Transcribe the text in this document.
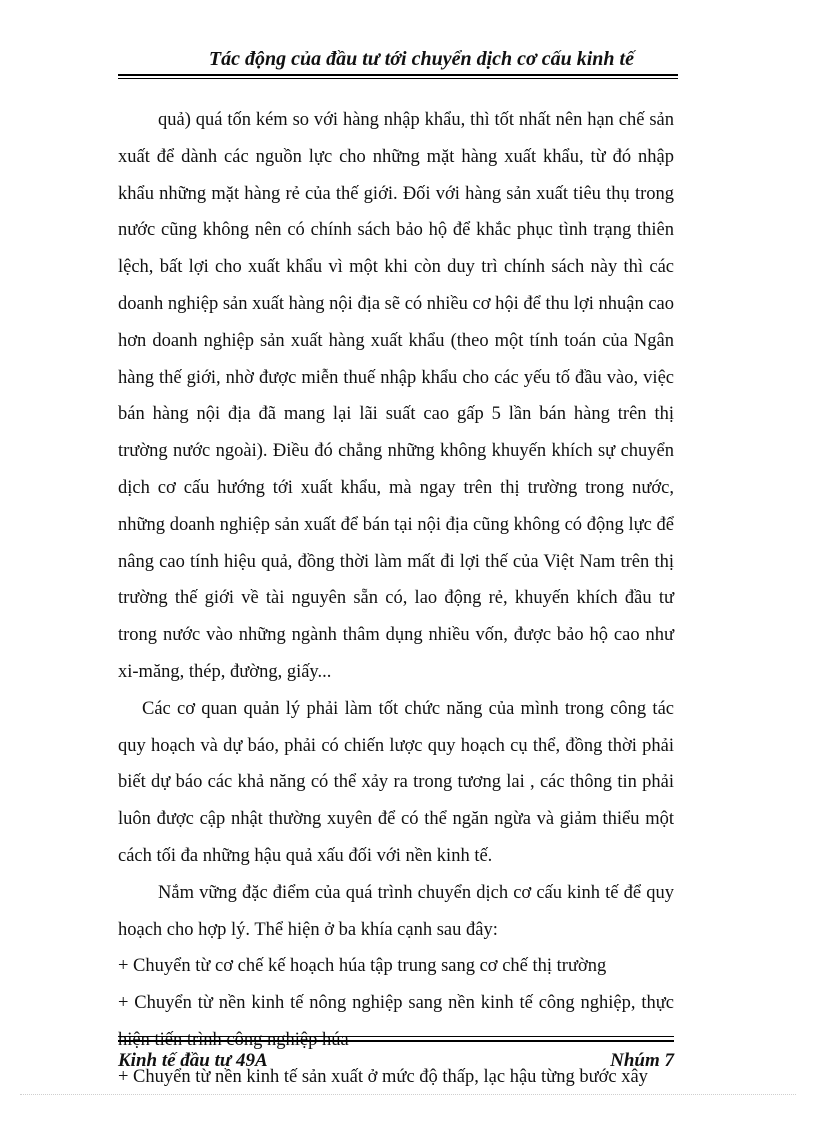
Tác động của đầu tư tới chuyển dịch cơ cấu kinh tế

quả) quá tốn kém so với hàng nhập khẩu, thì tốt nhất nên hạn chế sản xuất để dành các nguồn lực cho những mặt hàng xuất khẩu, từ đó nhập khẩu những mặt hàng rẻ của thế giới. Đối với hàng sản xuất tiêu thụ trong nước cũng không nên có chính sách bảo hộ để khắc phục tình trạng thiên lệch, bất lợi cho xuất khẩu vì một khi còn duy trì chính sách này thì các doanh nghiệp sản xuất hàng nội địa sẽ có nhiều cơ hội để thu lợi nhuận cao hơn doanh nghiệp sản xuất hàng xuất khẩu (theo một tính toán của Ngân hàng thế giới, nhờ được miễn thuế nhập khẩu cho các yếu tố đầu vào, việc bán hàng nội địa đã mang lại lãi suất cao gấp 5 lần bán hàng trên thị trường nước ngoài). Điều đó chẳng những không khuyến khích sự chuyển dịch cơ cấu hướng tới xuất khẩu, mà ngay trên thị trường trong nước, những doanh nghiệp sản xuất để bán tại nội địa cũng không có động lực để nâng cao tính hiệu quả, đồng thời làm mất đi lợi thế của Việt Nam trên thị trường thế giới về tài nguyên sẵn có, lao động rẻ, khuyến khích đầu tư trong nước vào những ngành thâm dụng nhiều vốn, được bảo hộ cao như xi-măng, thép, đường, giấy...

Các cơ quan quản lý phải làm tốt chức năng của mình trong công tác quy hoạch và dự báo, phải có chiến lược quy hoạch cụ thể, đồng thời phải biết dự báo các khả năng có thể xảy ra trong tương lai , các thông tin phải luôn được cập nhật thường xuyên để có thể ngăn ngừa và giảm thiểu một cách tối đa những hậu quả xấu đối với nền kinh tế.

Nắm vững đặc điểm của quá trình chuyển dịch cơ cấu kinh tế để quy hoạch cho hợp lý. Thể hiện ở ba khía cạnh sau đây:

+ Chuyển từ cơ chế kế hoạch húa tập trung sang cơ chế thị trường

+ Chuyển từ nền kinh tế nông nghiệp sang nền kinh tế công nghiệp, thực hiện tiến trình công nghiệp húa

+ Chuyển từ nền kinh tế sản xuất ở mức độ thấp, lạc hậu từng bước xây

Kinh tế đầu tư 49A	Nhúm 7
